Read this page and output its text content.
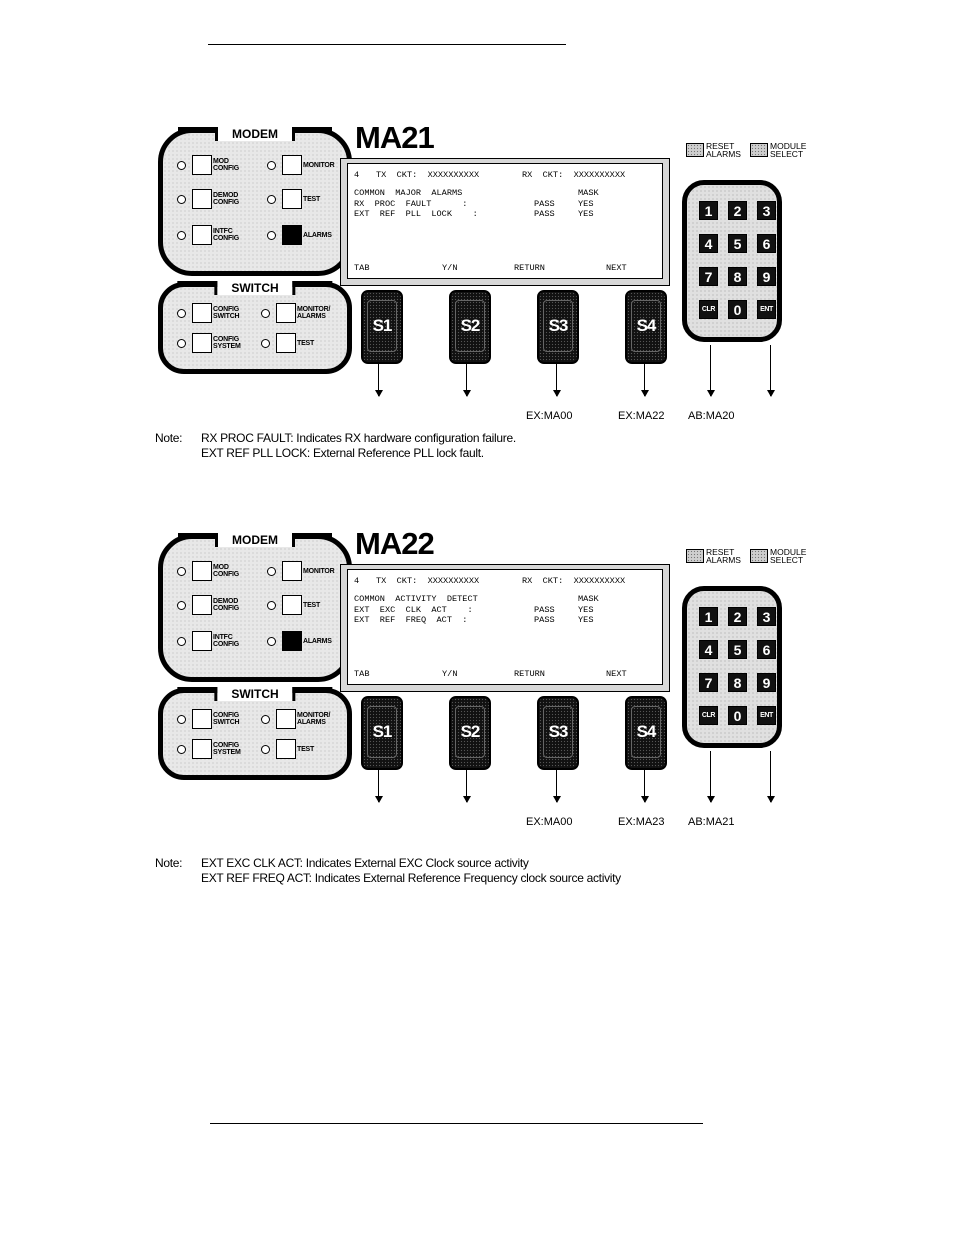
MODEM
MOD
CONFIG	MONITOR
DEMOD
CONFIG	TEST
INTFC
CONFIG	ALARMS
SWITCH
CONFIG
SWITCH
MONITOR/
ALARMS
CONFIG
SYSTEM	TEST
MA21
4 TX  CKT:  XXXXXXXXXX	RX  CKT:  XXXXXXXXXX
COMMON  MAJOR  ALARMS	MASK
RX  PROC  FAULT      :	PASS	YES
EXT  REF  PLL  LOCK    :	PASS	YES
TAB	Y/N	RETURN	NEXT
S1	S2	S3	S4
RESET
ALARMS
MODULE
SELECT
1	2	3
4	5	6
7	8	9
CLR	0	ENT
EX:MA00	EX:MA22 AB:MA20
Note: RX PROC FAULT: Indicates RX hardware configuration failure.
EXT REF PLL LOCK: External Reference PLL lock fault.
MODEM
MOD
CONFIG	MONITOR
DEMOD
CONFIG	TEST
INTFC
CONFIG	ALARMS
SWITCH
CONFIG
SWITCH
MONITOR/
ALARMS
CONFIG
SYSTEM	TEST
MA22
4 TX  CKT:  XXXXXXXXXX	RX  CKT:  XXXXXXXXXX
COMMON  ACTIVITY  DETECT	MASK
EXT  EXC  CLK  ACT    :	PASS	YES
EXT  REF  FREQ  ACT  :	PASS	YES
TAB	Y/N	RETURN	NEXT
S1	S2	S3	S4
RESET
ALARMS
MODULE
SELECT
1	2	3
4	5	6
7	8	9
CLR	0	ENT
EX:MA00	EX:MA23 AB:MA21
Note: EXT EXC CLK ACT: Indicates External EXC Clock source activity
EXT REF FREQ ACT: Indicates External Reference Frequency clock source activity
